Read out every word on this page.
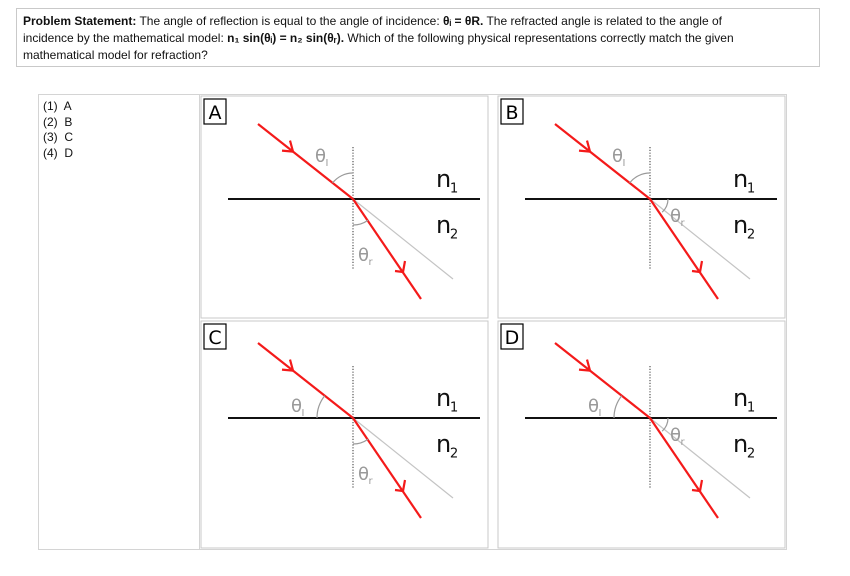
Problem Statement: The angle of reflection is equal to the angle of incidence: θᵢ = θR. The refracted angle is related to the angle of
incidence by the mathematical model: n₁ sin(θᵢ) = n₂ sin(θᵣ). Which of the following physical representations correctly match the given
mathematical model for refraction?
(1)  A
(2)  B
(3)  C
(4)  D
A
n
1
n
2
θ I
θ r
B
n
1
n
2
θ I
θ r
C
n
1
n
2
θ I
θ r
D
n
1
n
2
θ I
θ r
